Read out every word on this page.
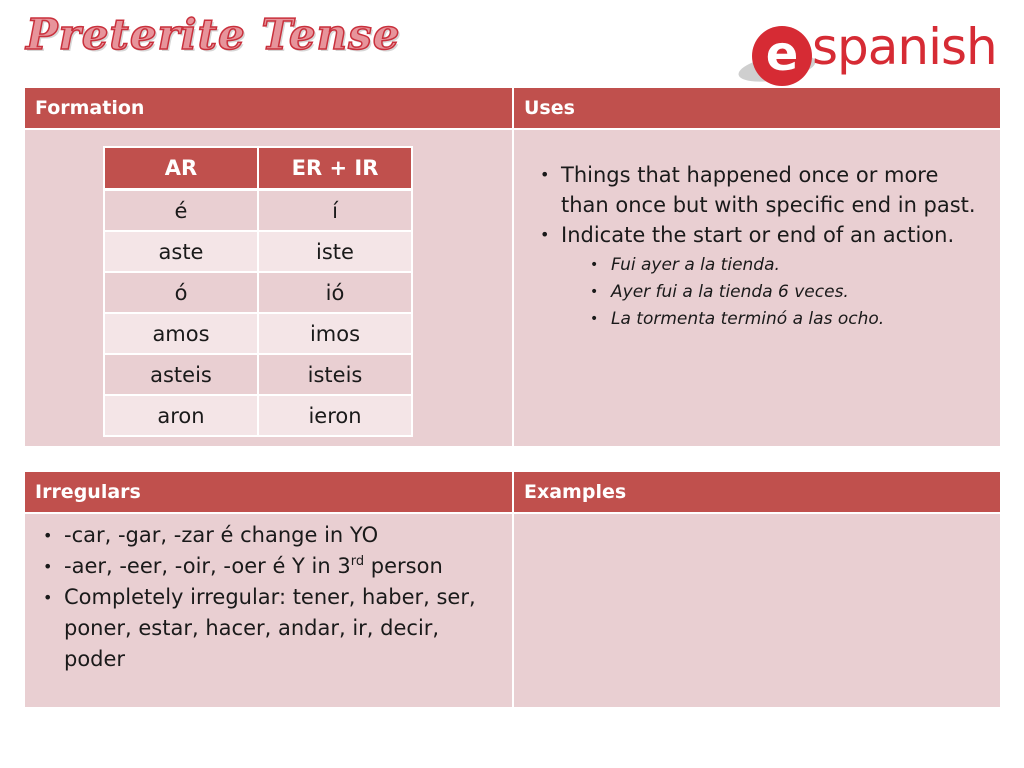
Preterite Tense	e spanish
Formation
AR	ER + IR
é	í
aste	iste
ó	ió
amos	imos
asteis	isteis
aron	ieron
Uses
• Things that happened once or more than once but with specific end in past.
• Indicate the start or end of an action.
• Fui ayer a la tienda.
• Ayer fui a la tienda 6 veces.
• La tormenta terminó a las ocho.
Irregulars
• -car, -gar, -zar é change in YO
• -aer, -eer, -oir, -oer é Y in 3rd person
• Completely irregular: tener, haber, ser, poner, estar, hacer, andar, ir, decir, poder
Examples
